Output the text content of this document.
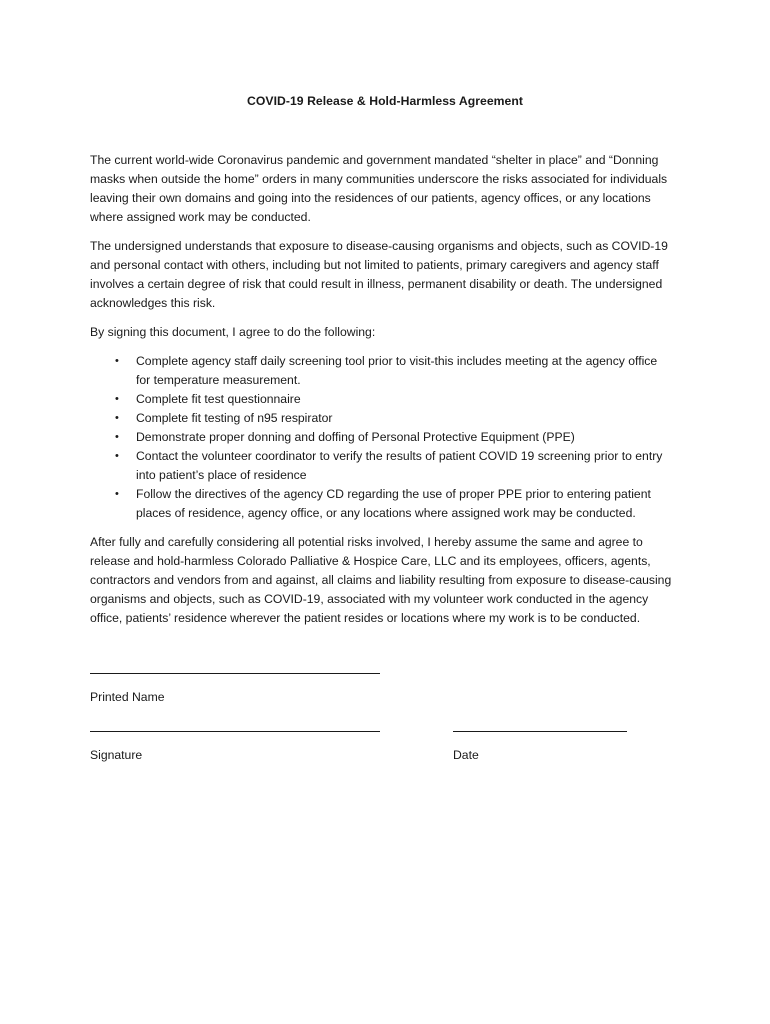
COVID-19 Release & Hold-Harmless Agreement

The current world-wide Coronavirus pandemic and government mandated “shelter in place” and “Donning masks when outside the home” orders in many communities underscore the risks associated for individuals leaving their own domains and going into the residences of our patients, agency offices, or any locations where assigned work may be conducted.

The undersigned understands that exposure to disease-causing organisms and objects, such as COVID-19 and personal contact with others, including but not limited to patients, primary caregivers and agency staff involves a certain degree of risk that could result in illness, permanent disability or death. The undersigned acknowledges this risk.

By signing this document, I agree to do the following:

• Complete agency staff daily screening tool prior to visit-this includes meeting at the agency office for temperature measurement.
• Complete fit test questionnaire
• Complete fit testing of n95 respirator
• Demonstrate proper donning and doffing of Personal Protective Equipment (PPE)
• Contact the volunteer coordinator to verify the results of patient COVID 19 screening prior to entry into patient’s place of residence
• Follow the directives of the agency CD regarding the use of proper PPE prior to entering patient places of residence, agency office, or any locations where assigned work may be conducted.

After fully and carefully considering all potential risks involved, I hereby assume the same and agree to release and hold-harmless Colorado Palliative & Hospice Care, LLC and its employees, officers, agents, contractors and vendors from and against, all claims and liability resulting from exposure to disease-causing organisms and objects, such as COVID-19, associated with my volunteer work conducted in the agency office, patients’ residence wherever the patient resides or locations where my work is to be conducted.

Printed Name
Signature	Date
